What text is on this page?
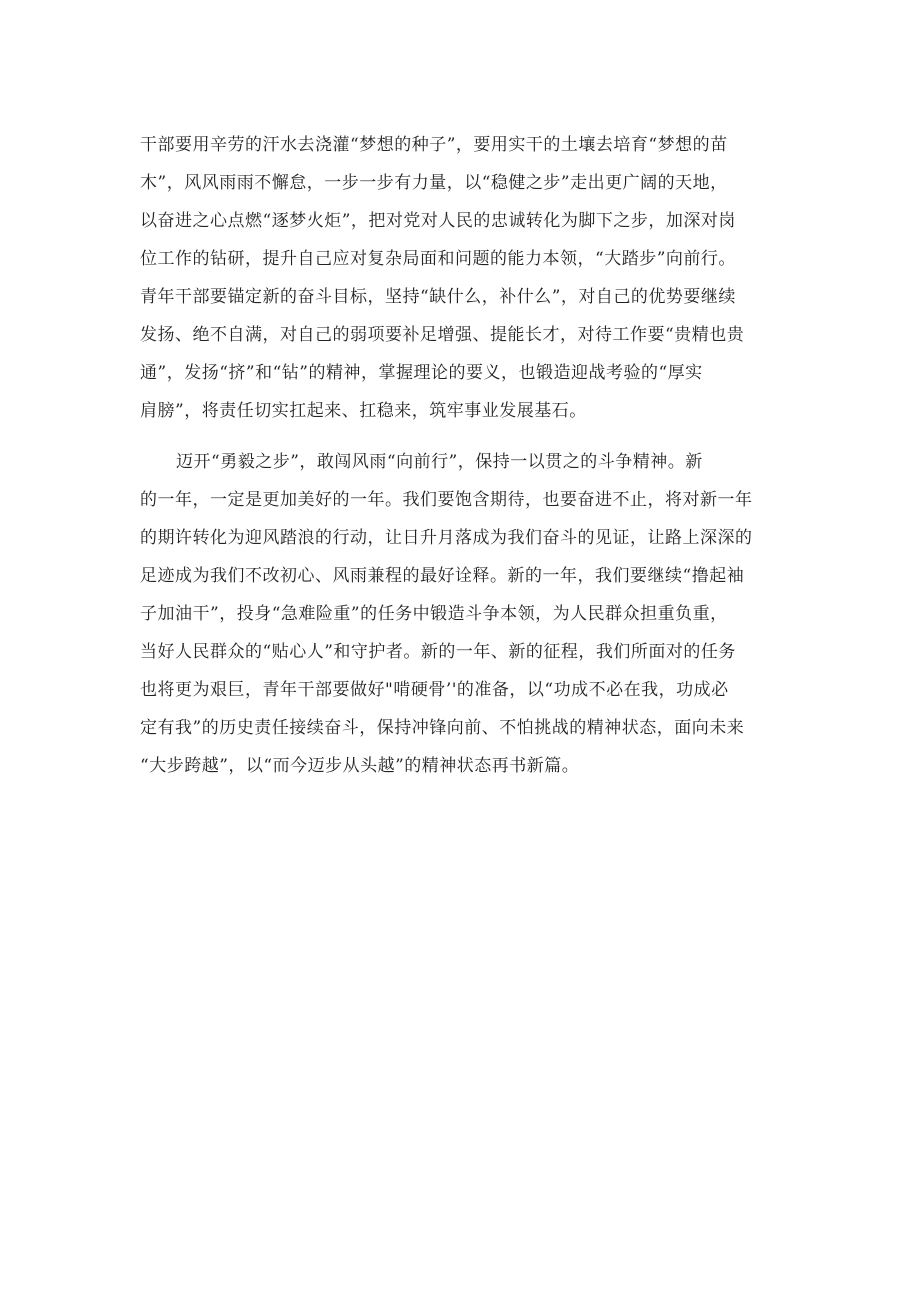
干部要用辛劳的汗水去浇灌“梦想的种子”，要用实干的土壤去培育“梦想的苗
木”，风风雨雨不懈怠，一步一步有力量，以“稳健之步”走出更广阔的天地，
以奋进之心点燃“逐梦火炬”，把对党对人民的忠诚转化为脚下之步，加深对岗
位工作的钻研，提升自己应对复杂局面和问题的能力本领，“大踏步”向前行。
青年干部要锚定新的奋斗目标，坚持“缺什么，补什么”，对自己的优势要继续
发扬、绝不自满，对自己的弱项要补足增强、提能长才，对待工作要“贵精也贵
通”，发扬“挤”和“钻”的精神，掌握理论的要义，也锻造迎战考验的“厚实
肩膀”，将责任切实扛起来、扛稳来，筑牢事业发展基石。
迈开“勇毅之步”，敢闯风雨“向前行”，保持一以贯之的斗争精神。新
的一年，一定是更加美好的一年。我们要饱含期待，也要奋进不止，将对新一年
的期许转化为迎风踏浪的行动，让日升月落成为我们奋斗的见证，让路上深深的
足迹成为我们不改初心、风雨兼程的最好诠释。新的一年，我们要继续“撸起袖
子加油干”，投身“急难险重”的任务中锻造斗争本领，为人民群众担重负重，
当好人民群众的“贴心人”和守护者。新的一年、新的征程，我们所面对的任务
也将更为艰巨，青年干部要做好"啃硬骨’'的准备，以“功成不必在我，功成必
定有我”的历史责任接续奋斗，保持冲锋向前、不怕挑战的精神状态，面向未来
“大步跨越”，以“而今迈步从头越”的精神状态再书新篇。
